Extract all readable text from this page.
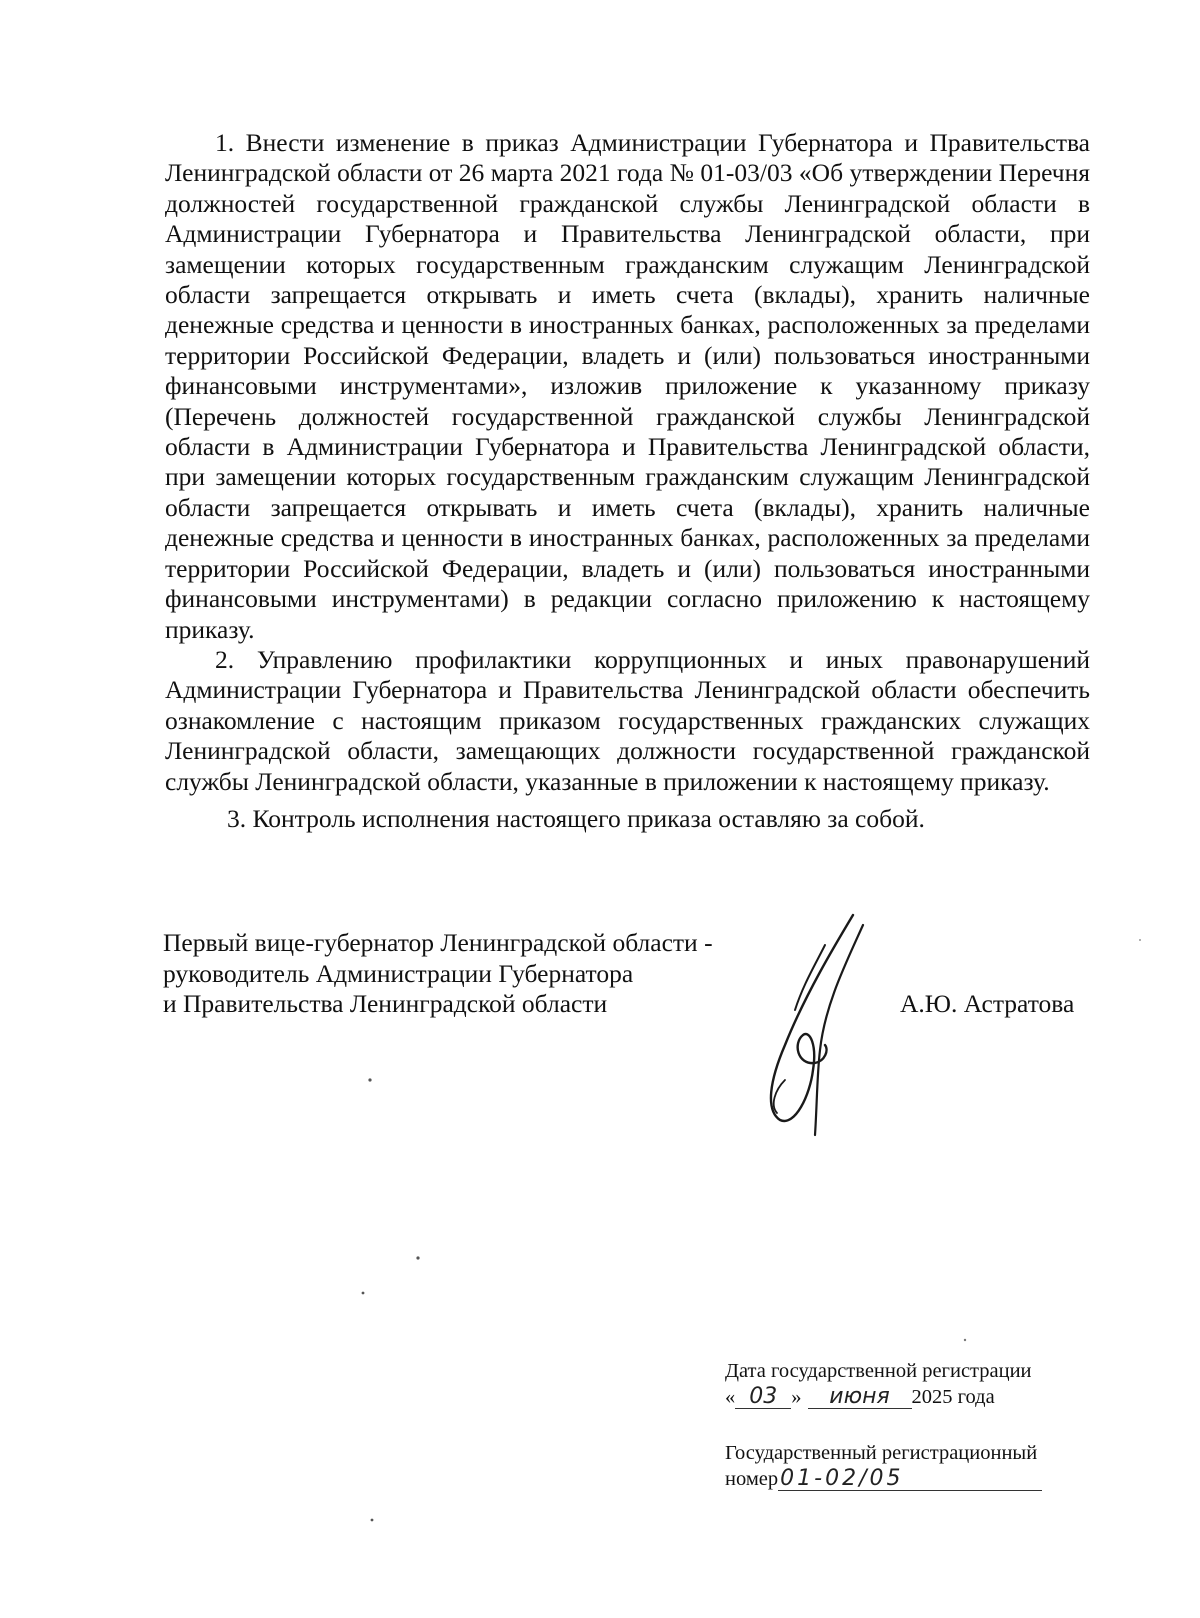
1. Внести изменение в приказ Администрации Губернатора и Правительства Ленинградской области от 26 марта 2021 года № 01-03/03 «Об утверждении Перечня должностей государственной гражданской службы Ленинградской области в Администрации Губернатора и Правительства Ленинградской области, при замещении которых государственным гражданским служащим Ленинградской области запрещается открывать и иметь счета (вклады), хранить наличные денежные средства и ценности в иностранных банках, расположенных за пределами территории Российской Федерации, владеть и (или) пользоваться иностранными финансовыми инструментами», изложив приложение к указанному приказу (Перечень должностей государственной гражданской службы Ленинградской области в Администрации Губернатора и Правительства Ленинградской области, при замещении которых государственным гражданским служащим Ленинградской области запрещается открывать и иметь счета (вклады), хранить наличные денежные средства и ценности в иностранных банках, расположенных за пределами территории Российской Федерации, владеть и (или) пользоваться иностранными финансовыми инструментами) в редакции согласно приложению к настоящему приказу.

2. Управлению профилактики коррупционных и иных правонарушений Администрации Губернатора и Правительства Ленинградской области обеспечить ознакомление с настоящим приказом государственных гражданских служащих Ленинградской области, замещающих должности государственной гражданской службы Ленинградской области, указанные в приложении к настоящему приказу.

3. Контроль исполнения настоящего приказа оставляю за собой.

Первый вице-губернатор Ленинградской области -
руководитель Администрации Губернатора
и Правительства Ленинградской области	А.Ю. Астратова
Дата государственной регистрации
« 03 » июня 2025 года
Государственный регистрационный
номер01-02/05
